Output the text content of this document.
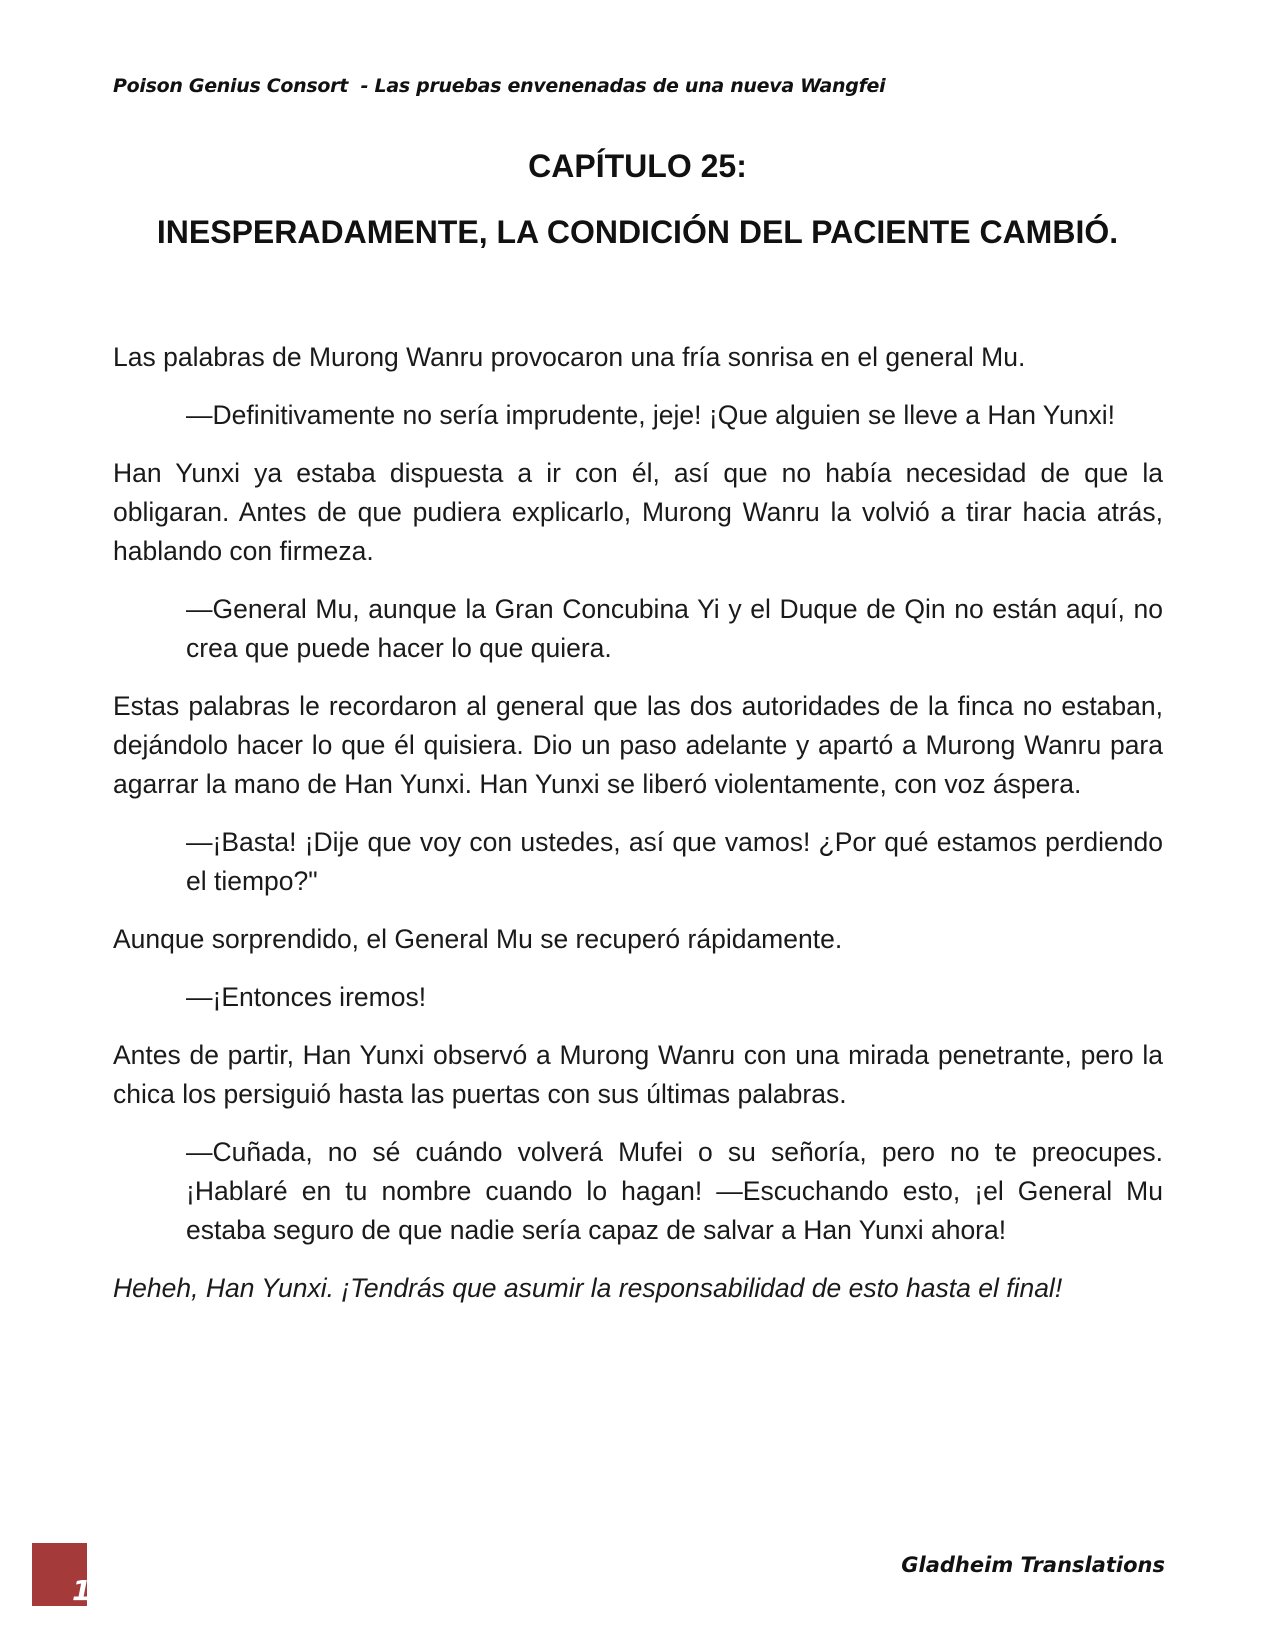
Poison Genius Consort  - Las pruebas envenenadas de una nueva Wangfei
CAPÍTULO 25:
INESPERADAMENTE, LA CONDICIÓN DEL PACIENTE CAMBIÓ.

Las palabras de Murong Wanru provocaron una fría sonrisa en el general Mu.

—Definitivamente no sería imprudente, jeje! ¡Que alguien se lleve a Han Yunxi!

Han Yunxi ya estaba dispuesta a ir con él, así que no había necesidad de que la obligaran. Antes de que pudiera explicarlo, Murong Wanru la volvió a tirar hacia atrás, hablando con firmeza.

—General Mu, aunque la Gran Concubina Yi y el Duque de Qin no están aquí, no crea que puede hacer lo que quiera.

Estas palabras le recordaron al general que las dos autoridades de la finca no estaban, dejándolo hacer lo que él quisiera. Dio un paso adelante y apartó a Murong Wanru para agarrar la mano de Han Yunxi. Han Yunxi se liberó violentamente, con voz áspera.

—¡Basta! ¡Dije que voy con ustedes, así que vamos! ¿Por qué estamos perdiendo el tiempo?"

Aunque sorprendido, el General Mu se recuperó rápidamente.

—¡Entonces iremos!

Antes de partir, Han Yunxi observó a Murong Wanru con una mirada penetrante, pero la chica los persiguió hasta las puertas con sus últimas palabras.

—Cuñada, no sé cuándo volverá Mufei o su señoría, pero no te preocupes. ¡Hablaré en tu nombre cuando lo hagan! —Escuchando esto, ¡el General Mu estaba seguro de que nadie sería capaz de salvar a Han Yunxi ahora!

Heheh, Han Yunxi. ¡Tendrás que asumir la responsabilidad de esto hasta el final!

1
Gladheim Translations
